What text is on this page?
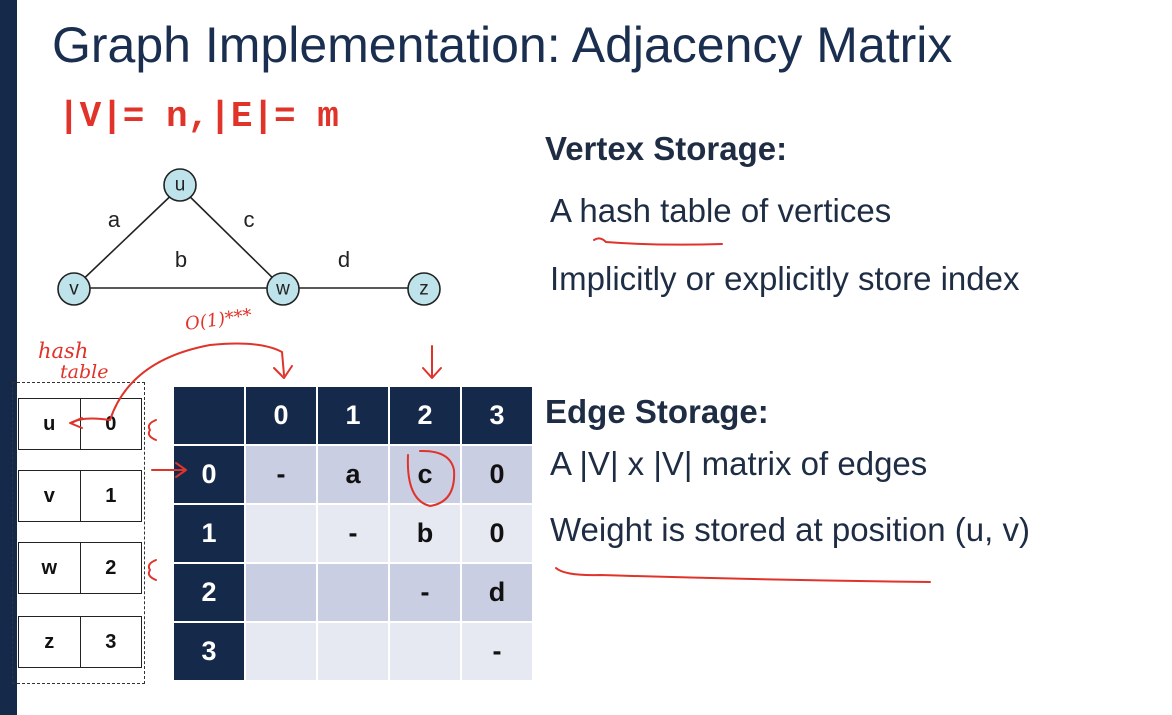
Graph Implementation: Adjacency Matrix
|V|= n,|E|= m
a	c
b	d
u
v	w	z
Vertex Storage:
A hash table of vertices
Implicitly or explicitly store index
Edge Storage:
A |V| x |V| matrix of edges
Weight is stored at position (u, v)
u	0
v	1
w	2
z	3
	0	1	2	3
0	-	a	c	0
1		-	b	0
2			-	d
3				-
hash
table
O(1)***
